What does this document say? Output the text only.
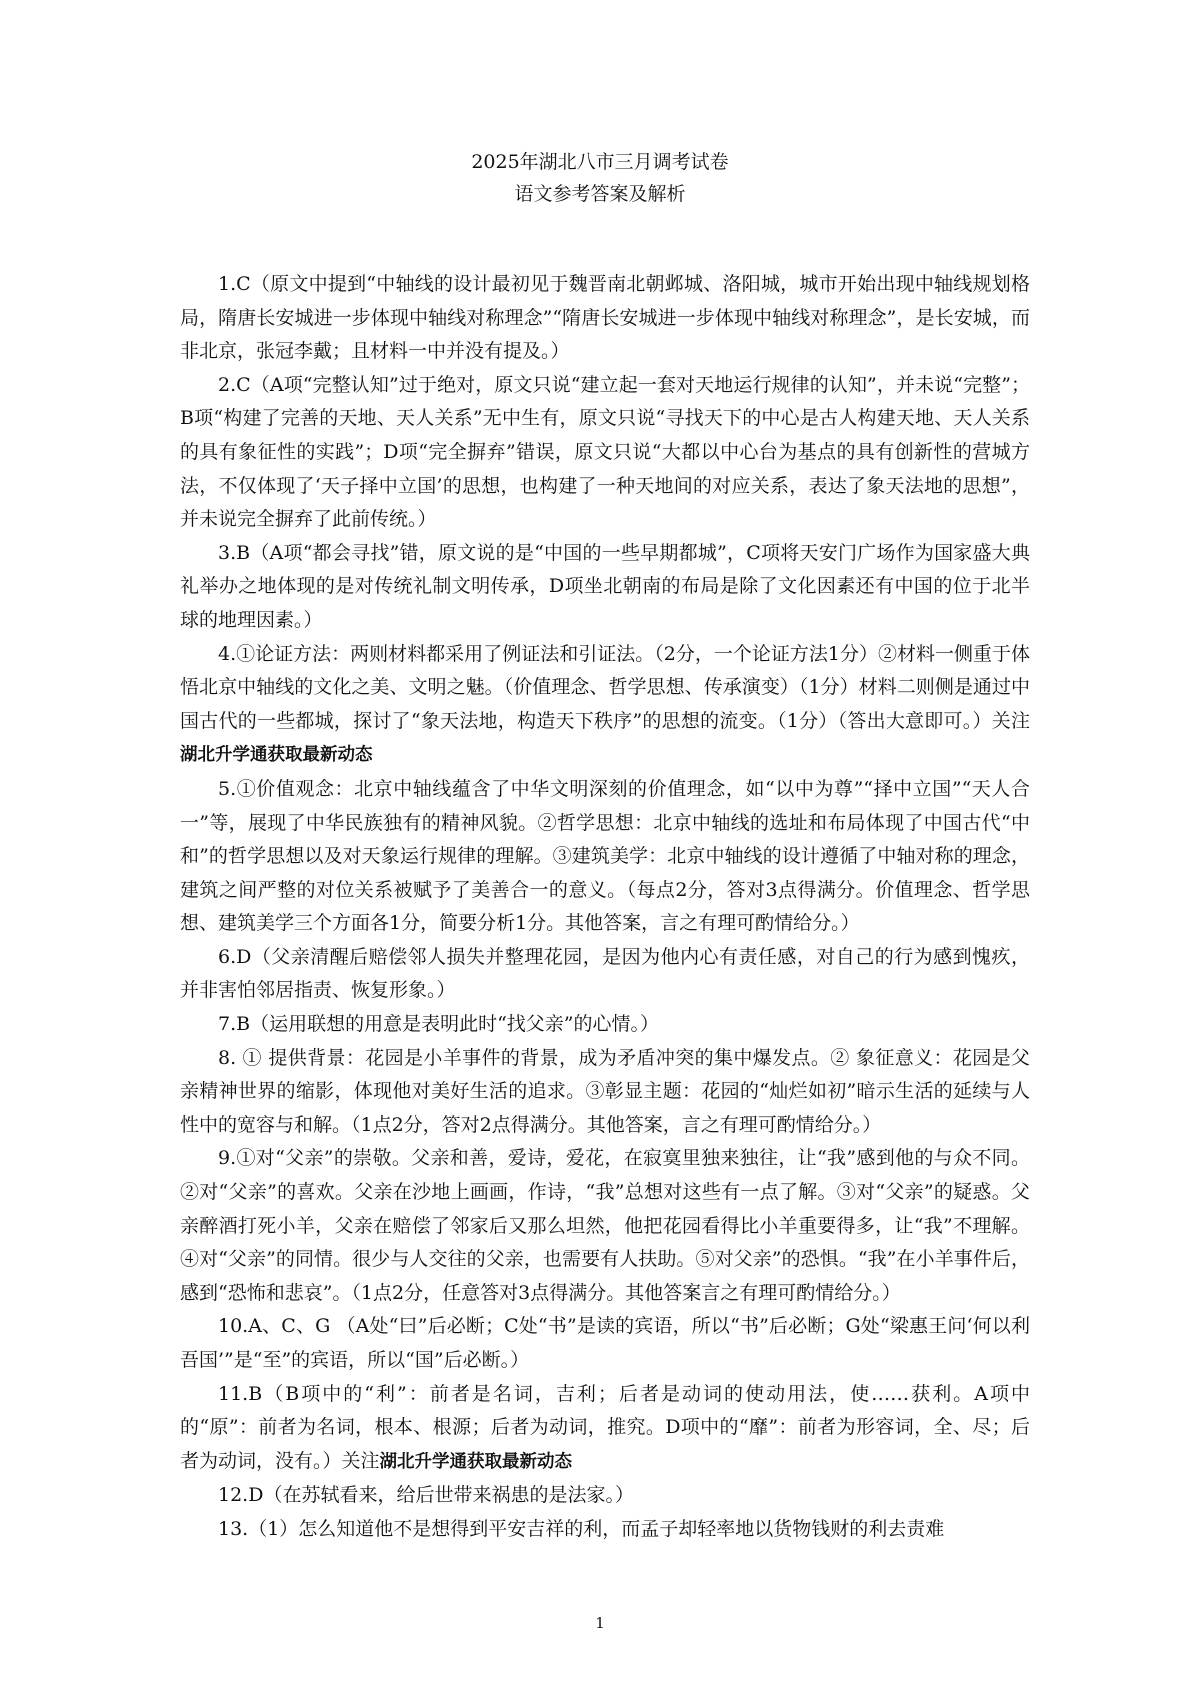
2025年湖北八市三月调考试卷
语文参考答案及解析

1.C（原文中提到“中轴线的设计最初见于魏晋南北朝邺城、洛阳城，城市开始出现中轴线规划格局，隋唐长安城进一步体现中轴线对称理念”“隋唐长安城进一步体现中轴线对称理念”，是长安城，而非北京，张冠李戴；且材料一中并没有提及。）

2.C（A项“完整认知”过于绝对，原文只说“建立起一套对天地运行规律的认知”，并未说“完整”；B项“构建了完善的天地、天人关系”无中生有，原文只说“寻找天下的中心是古人构建天地、天人关系的具有象征性的实践”；D项“完全摒弃”错误，原文只说“大都以中心台为基点的具有创新性的营城方法，不仅体现了‘天子择中立国’的思想，也构建了一种天地间的对应关系，表达了象天法地的思想”，并未说完全摒弃了此前传统。）

3.B（A项“都会寻找”错，原文说的是“中国的一些早期都城”，C项将天安门广场作为国家盛大典礼举办之地体现的是对传统礼制文明传承，D项坐北朝南的布局是除了文化因素还有中国的位于北半球的地理因素。）

4.①论证方法：两则材料都采用了例证法和引证法。（2分，一个论证方法1分）②材料一侧重于体悟北京中轴线的文化之美、文明之魅。（价值理念、哲学思想、传承演变）（1分）材料二则侧是通过中国古代的一些都城，探讨了“象天法地，构造天下秩序”的思想的流变。（1分）（答出大意即可。）关注湖北升学通获取最新动态

5.①价值观念：北京中轴线蕴含了中华文明深刻的价值理念，如“以中为尊”“择中立国”“天人合一”等，展现了中华民族独有的精神风貌。②哲学思想：北京中轴线的选址和布局体现了中国古代“中和”的哲学思想以及对天象运行规律的理解。③建筑美学：北京中轴线的设计遵循了中轴对称的理念，建筑之间严整的对位关系被赋予了美善合一的意义。（每点2分，答对3点得满分。价值理念、哲学思想、建筑美学三个方面各1分，简要分析1分。其他答案，言之有理可酌情给分。）

6.D（父亲清醒后赔偿邻人损失并整理花园，是因为他内心有责任感，对自己的行为感到愧疚，并非害怕邻居指责、恢复形象。）

7.B（运用联想的用意是表明此时“找父亲”的心情。）

8. ① 提供背景：花园是小羊事件的背景，成为矛盾冲突的集中爆发点。② 象征意义：花园是父亲精神世界的缩影，体现他对美好生活的追求。③彰显主题：花园的“灿烂如初”暗示生活的延续与人性中的宽容与和解。（1点2分，答对2点得满分。其他答案，言之有理可酌情给分。）

9.①对“父亲”的崇敬。父亲和善，爱诗，爱花，在寂寞里独来独往，让“我”感到他的与众不同。②对“父亲”的喜欢。父亲在沙地上画画，作诗，“我”总想对这些有一点了解。③对“父亲”的疑惑。父亲醉酒打死小羊，父亲在赔偿了邻家后又那么坦然，他把花园看得比小羊重要得多，让“我”不理解。④对“父亲”的同情。很少与人交往的父亲，也需要有人扶助。⑤对父亲”的恐惧。“我”在小羊事件后，感到“恐怖和悲哀”。（1点2分，任意答对3点得满分。其他答案言之有理可酌情给分。）

10.A、C、G （A处“曰”后必断；C处“书”是读的宾语，所以“书”后必断；G处“梁惠王问‘何以利吾国’”是“至”的宾语，所以“国”后必断。）

11.B（B项中的“利”：前者是名词，吉利；后者是动词的使动用法，使……获利。A项中的“原”：前者为名词，根本、根源；后者为动词，推究。D项中的“靡”：前者为形容词，全、尽；后者为动词，没有。）关注湖北升学通获取最新动态

12.D（在苏轼看来，给后世带来祸患的是法家。）

13.（1）怎么知道他不是想得到平安吉祥的利，而孟子却轻率地以货物钱财的利去责难

1
